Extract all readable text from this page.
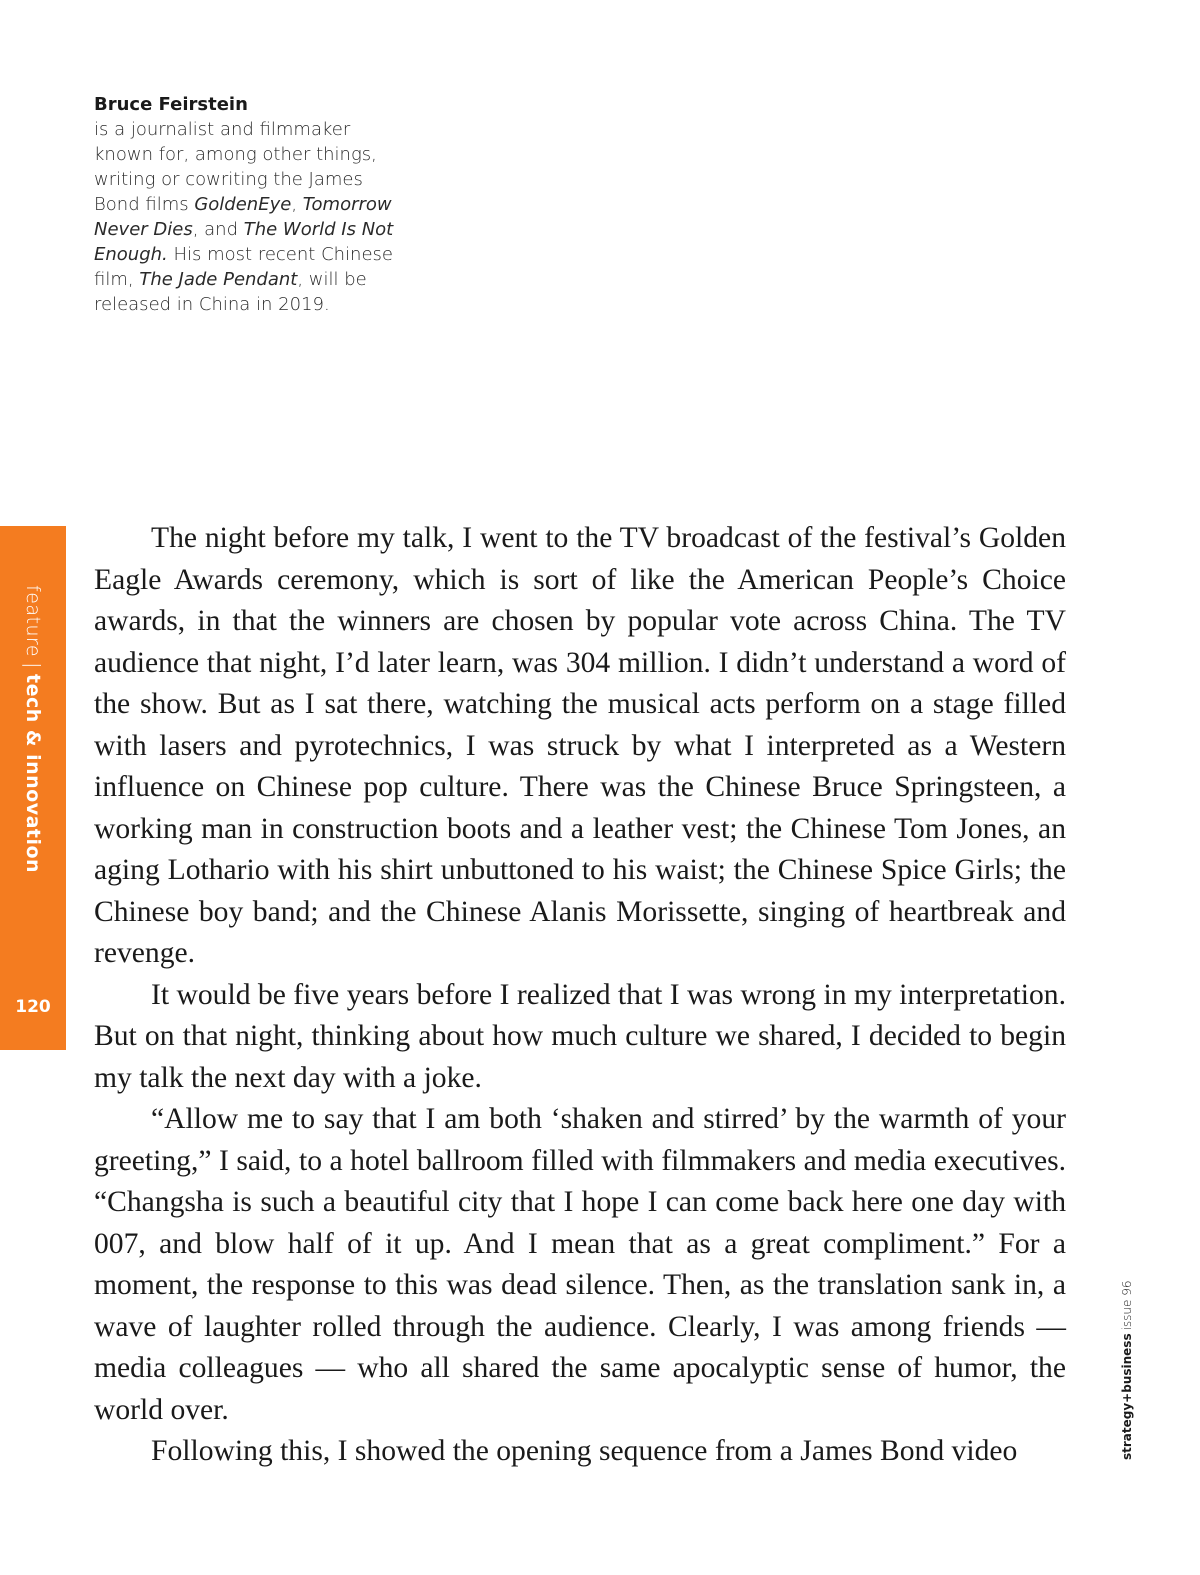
Bruce Feirstein
is a journalist and filmmaker known for, among other things, writing or cowriting the James Bond films GoldenEye, Tomorrow Never Dies, and The World Is Not Enough. His most recent Chinese film, The Jade Pendant, will be released in China in 2019.
feature|tech & innovation
120

The night before my talk, I went to the TV broadcast of the festival’s Golden Eagle Awards ceremony, which is sort of like the American People’s Choice awards, in that the winners are chosen by popular vote across China. The TV audience that night, I’d later learn, was 304 million. I didn’t understand a word of the show. But as I sat there, watching the musical acts perform on a stage filled with lasers and pyrotechnics, I was struck by what I interpreted as a Western influence on Chinese pop culture. There was the Chinese Bruce Springsteen, a working man in construction boots and a leather vest; the Chinese Tom Jones, an aging Lothario with his shirt unbuttoned to his waist; the Chinese Spice Girls; the Chinese boy band; and the Chinese Alanis Morissette, singing of heartbreak and revenge.

It would be five years before I realized that I was wrong in my interpretation. But on that night, thinking about how much culture we shared, I decided to begin my talk the next day with a joke.

“Allow me to say that I am both ‘shaken and stirred’ by the warmth of your greeting,” I said, to a hotel ballroom filled with filmmakers and media executives. “Changsha is such a beautiful city that I hope I can come back here one day with 007, and blow half of it up. And I mean that as a great compliment.” For a moment, the response to this was dead silence. Then, as the translation sank in, a wave of laughter rolled through the audience. Clearly, I was among friends — media colleagues — who all shared the same apocalyptic sense of humor, the world over.

Following this, I showed the opening sequence from a James Bond video	strategy+businessissue 96
